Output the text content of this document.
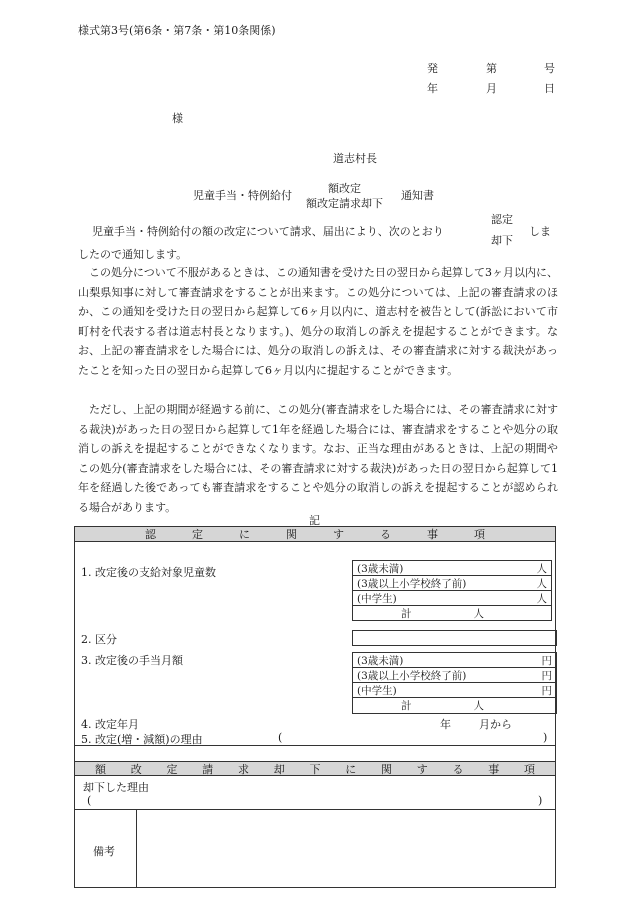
様式第3号(第6条・第7条・第10条関係)
発	第	号
年	月	日
様
道志村長
児童手当・特例給付
額改定
額改定請求却下
通知書
児童手当・特例給付の額の改定について請求、届出により、次のとおり
認定
却下
しま
したので通知します。
この処分について不服があるときは、この通知書を受けた日の翌日から起算して3ヶ月以内に、山梨県知事に対して審査請求をすることが出来ます。この処分については、上記の審査請求のほか、この通知を受けた日の翌日から起算して6ヶ月以内に、道志村を被告として(訴訟において市町村を代表する者は道志村長となります。)、処分の取消しの訴えを提起することができます。なお、上記の審査請求をした場合には、処分の取消しの訴えは、その審査請求に対する裁決があったことを知った日の翌日から起算して6ヶ月以内に提起することができます。
ただし、上記の期間が経過する前に、この処分(審査請求をした場合には、その審査請求に対する裁決)があった日の翌日から起算して1年を経過した場合には、審査請求をすることや処分の取消しの訴えを提起することができなくなります。なお、正当な理由があるときは、上記の期間やこの処分(審査請求をした場合には、その審査請求に対する裁決)があった日の翌日から起算して1年を経過した後であっても審査請求をすることや処分の取消しの訴えを提起することが認められる場合があります。
記
認	定	に	関	す	る	事	項
1. 改定後の支給対象児童数	(3歳未満)	人
(3歳以上小学校終了前)	人
(中学生)	人
計	人
2. 区分
3. 改定後の手当月額	(3歳未満)	円
(3歳以上小学校終了前)	円
(中学生)	円
計	人
4. 改定年月	年	月から
5. 改定(増・減額)の理由	(	)
額 改 定 請 求 却 下 に 関 す る 事 項
却下した理由
(	)
備考
